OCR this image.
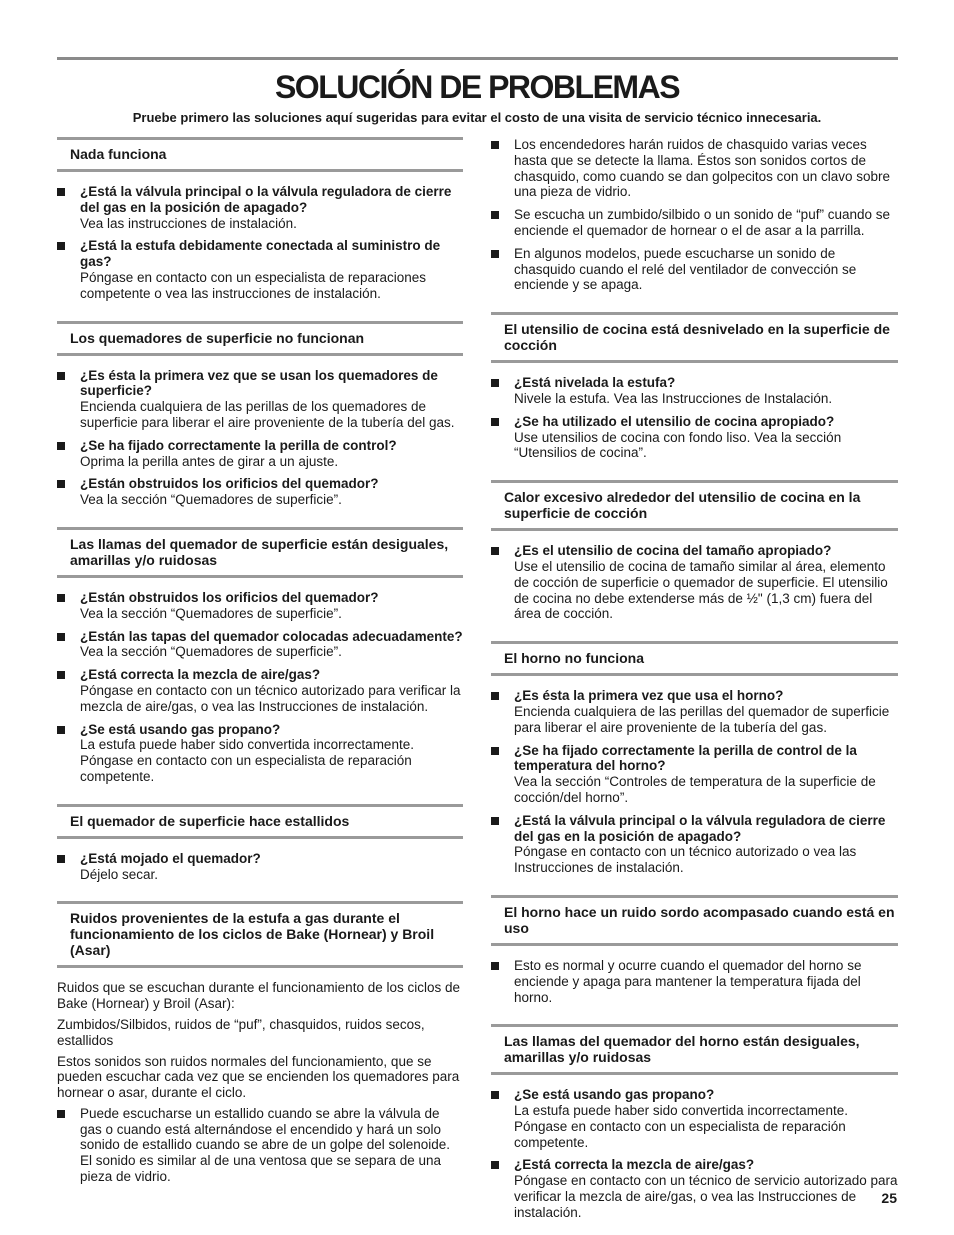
SOLUCIÓN DE PROBLEMAS
Pruebe primero las soluciones aquí sugeridas para evitar el costo de una visita de servicio técnico innecesaria.
Nada funciona
¿Está la válvula principal o la válvula reguladora de cierre del gas en la posición de apagado?
Vea las instrucciones de instalación.
¿Está la estufa debidamente conectada al suministro de gas?
Póngase en contacto con un especialista de reparaciones competente o vea las instrucciones de instalación.
Los quemadores de superficie no funcionan
¿Es ésta la primera vez que se usan los quemadores de superficie?
Encienda cualquiera de las perillas de los quemadores de superficie para liberar el aire proveniente de la tubería del gas.
¿Se ha fijado correctamente la perilla de control?
Oprima la perilla antes de girar a un ajuste.
¿Están obstruidos los orificios del quemador?
Vea la sección “Quemadores de superficie”.
Las llamas del quemador de superficie están desiguales, amarillas y/o ruidosas
¿Están obstruidos los orificios del quemador?
Vea la sección “Quemadores de superficie”.
¿Están las tapas del quemador colocadas adecuadamente?
Vea la sección “Quemadores de superficie”.
¿Está correcta la mezcla de aire/gas?
Póngase en contacto con un técnico autorizado para verificar la mezcla de aire/gas, o vea las Instrucciones de instalación.
¿Se está usando gas propano?
La estufa puede haber sido convertida incorrectamente. Póngase en contacto con un especialista de reparación competente.
El quemador de superficie hace estallidos
¿Está mojado el quemador?
Déjelo secar.
Ruidos provenientes de la estufa a gas durante el funcionamiento de los ciclos de Bake (Hornear) y Broil (Asar)
Ruidos que se escuchan durante el funcionamiento de los ciclos de Bake (Hornear) y Broil (Asar):
Zumbidos/Silbidos, ruidos de “puf”, chasquidos, ruidos secos, estallidos
Estos sonidos son ruidos normales del funcionamiento, que se pueden escuchar cada vez que se encienden los quemadores para hornear o asar, durante el ciclo.
Puede escucharse un estallido cuando se abre la válvula de gas o cuando está alternándose el encendido y hará un solo sonido de estallido cuando se abre de un golpe del solenoide. El sonido es similar al de una ventosa que se separa de una pieza de vidrio.
Los encendedores harán ruidos de chasquido varias veces hasta que se detecte la llama. Éstos son sonidos cortos de chasquido, como cuando se dan golpecitos con un clavo sobre una pieza de vidrio.
Se escucha un zumbido/silbido o un sonido de “puf” cuando se enciende el quemador de hornear o el de asar a la parrilla.
En algunos modelos, puede escucharse un sonido de chasquido cuando el relé del ventilador de convección se enciende y se apaga.
El utensilio de cocina está desnivelado en la superficie de cocción
¿Está nivelada la estufa?
Nivele la estufa. Vea las Instrucciones de Instalación.
¿Se ha utilizado el utensilio de cocina apropiado?
Use utensilios de cocina con fondo liso. Vea la sección “Utensilios de cocina”.
Calor excesivo alrededor del utensilio de cocina en la superficie de cocción
¿Es el utensilio de cocina del tamaño apropiado?
Use el utensilio de cocina de tamaño similar al área, elemento de cocción de superficie o quemador de superficie. El utensilio de cocina no debe extenderse más de ½" (1,3 cm) fuera del área de cocción.
El horno no funciona
¿Es ésta la primera vez que usa el horno?
Encienda cualquiera de las perillas del quemador de superficie para liberar el aire proveniente de la tubería del gas.
¿Se ha fijado correctamente la perilla de control de la temperatura del horno?
Vea la sección “Controles de temperatura de la superficie de cocción/del horno”.
¿Está la válvula principal o la válvula reguladora de cierre del gas en la posición de apagado?
Póngase en contacto con un técnico autorizado o vea las Instrucciones de instalación.
El horno hace un ruido sordo acompasado cuando está en uso
Esto es normal y ocurre cuando el quemador del horno se enciende y apaga para mantener la temperatura fijada del horno.
Las llamas del quemador del horno están desiguales, amarillas y/o ruidosas
¿Se está usando gas propano?
La estufa puede haber sido convertida incorrectamente. Póngase en contacto con un especialista de reparación competente.
¿Está correcta la mezcla de aire/gas?
Póngase en contacto con un técnico de servicio autorizado para verificar la mezcla de aire/gas, o vea las Instrucciones de instalación.
25
